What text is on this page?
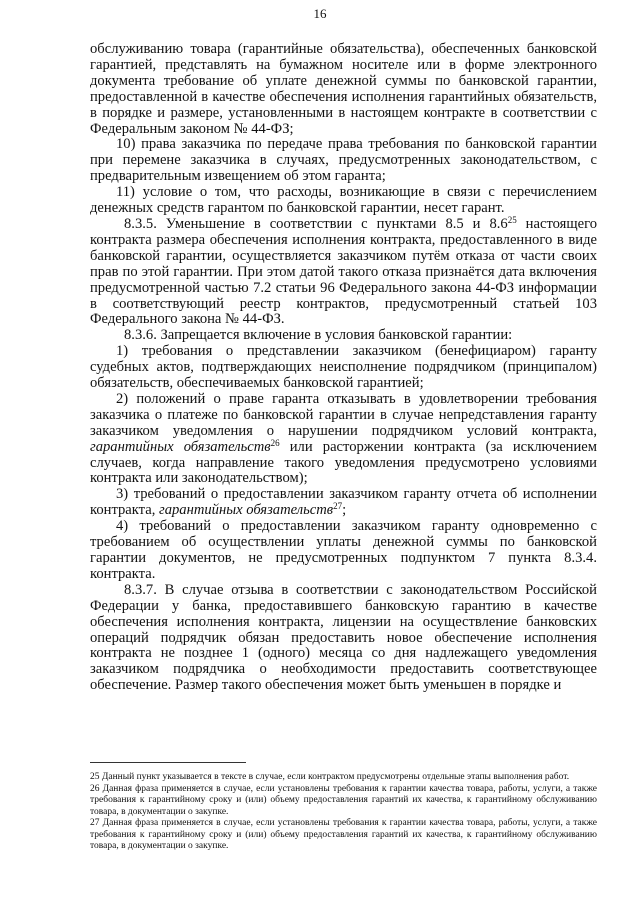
16

обслуживанию товара (гарантийные обязательства), обеспеченных банковской гарантией, представлять на бумажном носителе или в форме электронного документа требование об уплате денежной суммы по банковской гарантии, предоставленной в качестве обеспечения исполнения гарантийных обязательств, в порядке и размере, установленными в настоящем контракте в соответствии с Федеральным законом № 44-ФЗ;

10) права заказчика по передаче права требования по банковской гарантии при перемене заказчика в случаях, предусмотренных законодательством, с предварительным извещением об этом гаранта;

11) условие о том, что расходы, возникающие в связи с перечислением денежных средств гарантом по банковской гарантии, несет гарант.

8.3.5. Уменьшение в соответствии с пунктами 8.5 и $8.6^{25}$ настоящего контракта размера обеспечения исполнения контракта, предоставленного в виде банковской гарантии, осуществляется заказчиком путём отказа от части своих прав по этой гарантии. При этом датой такого отказа признаётся дата включения предусмотренной частью 7.2 статьи 96 Федерального закона 44-ФЗ информации в соответствующий реестр контрактов, предусмотренный статьей 103 Федерального закона № 44-ФЗ.

8.3.6. Запрещается включение в условия банковской гарантии:

1) требования о представлении заказчиком (бенефициаром) гаранту судебных актов, подтверждающих неисполнение подрядчиком (принципалом) обязательств, обеспечиваемых банковской гарантией;

2) положений о праве гаранта отказывать в удовлетворении требования заказчика о платеже по банковской гарантии в случае непредставления гаранту заказчиком уведомления о нарушении подрядчиком условий контракта, гарантийных обязательств$^{26}$ или расторжении контракта (за исключением случаев, когда направление такого уведомления предусмотрено условиями контракта или законодательством);

3) требований о предоставлении заказчиком гаранту отчета об исполнении контракта, гарантийных обязательств$^{27}$;

4) требований о предоставлении заказчиком гаранту одновременно с требованием об осуществлении уплаты денежной суммы по банковской гарантии документов, не предусмотренных подпунктом 7 пункта 8.3.4. контракта.

8.3.7. В случае отзыва в соответствии с законодательством Российской Федерации у банка, предоставившего банковскую гарантию в качестве обеспечения исполнения контракта, лицензии на осуществление банковских операций подрядчик обязан предоставить новое обеспечение исполнения контракта не позднее 1 (одного) месяца со дня надлежащего уведомления заказчиком подрядчика о необходимости предоставить соответствующее обеспечение. Размер такого обеспечения может быть уменьшен в порядке и

25 Данный пункт указывается в тексте в случае, если контрактом предусмотрены отдельные этапы выполнения работ.

26 Данная фраза применяется в случае, если установлены требования к гарантии качества товара, работы, услуги, а также требования к гарантийному сроку и (или) объему предоставления гарантий их качества, к гарантийному обслуживанию товара, в документации о закупке.

27 Данная фраза применяется в случае, если установлены требования к гарантии качества товара, работы, услуги, а также требования к гарантийному сроку и (или) объему предоставления гарантий их качества, к гарантийному обслуживанию товара, в документации о закупке.
